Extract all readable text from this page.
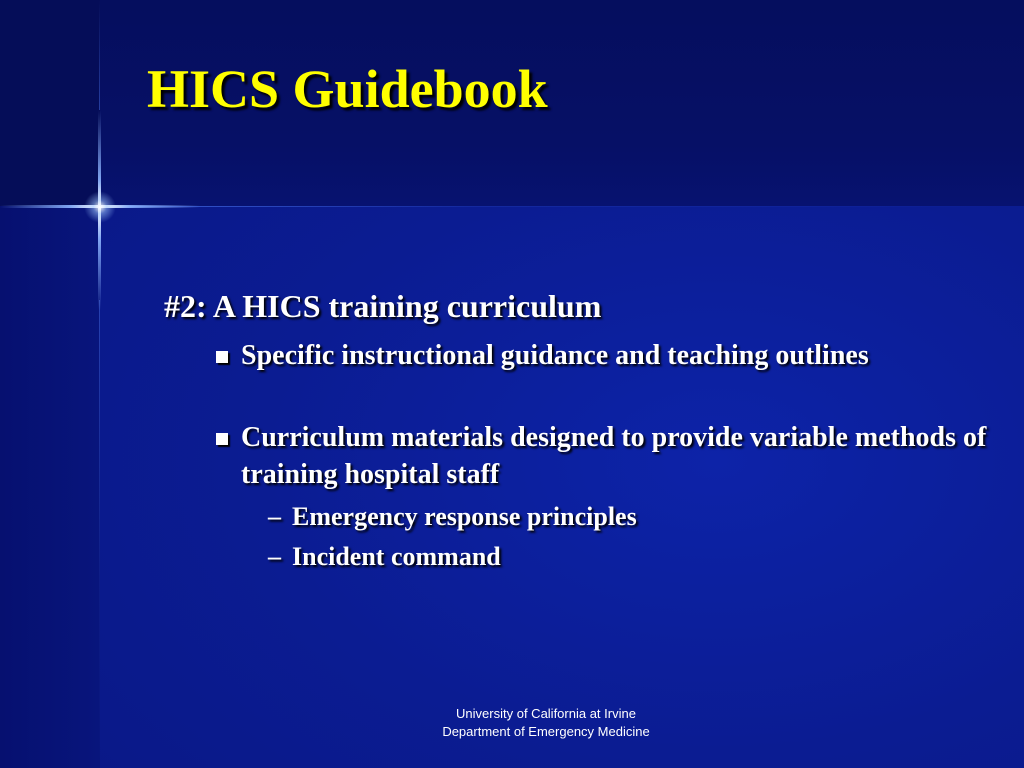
HICS Guidebook
#2: A HICS training curriculum
Specific instructional guidance and teaching outlines
Curriculum materials designed to provide variable methods of training hospital staff
– Emergency response principles
– Incident command
University of California at Irvine
Department of Emergency Medicine
